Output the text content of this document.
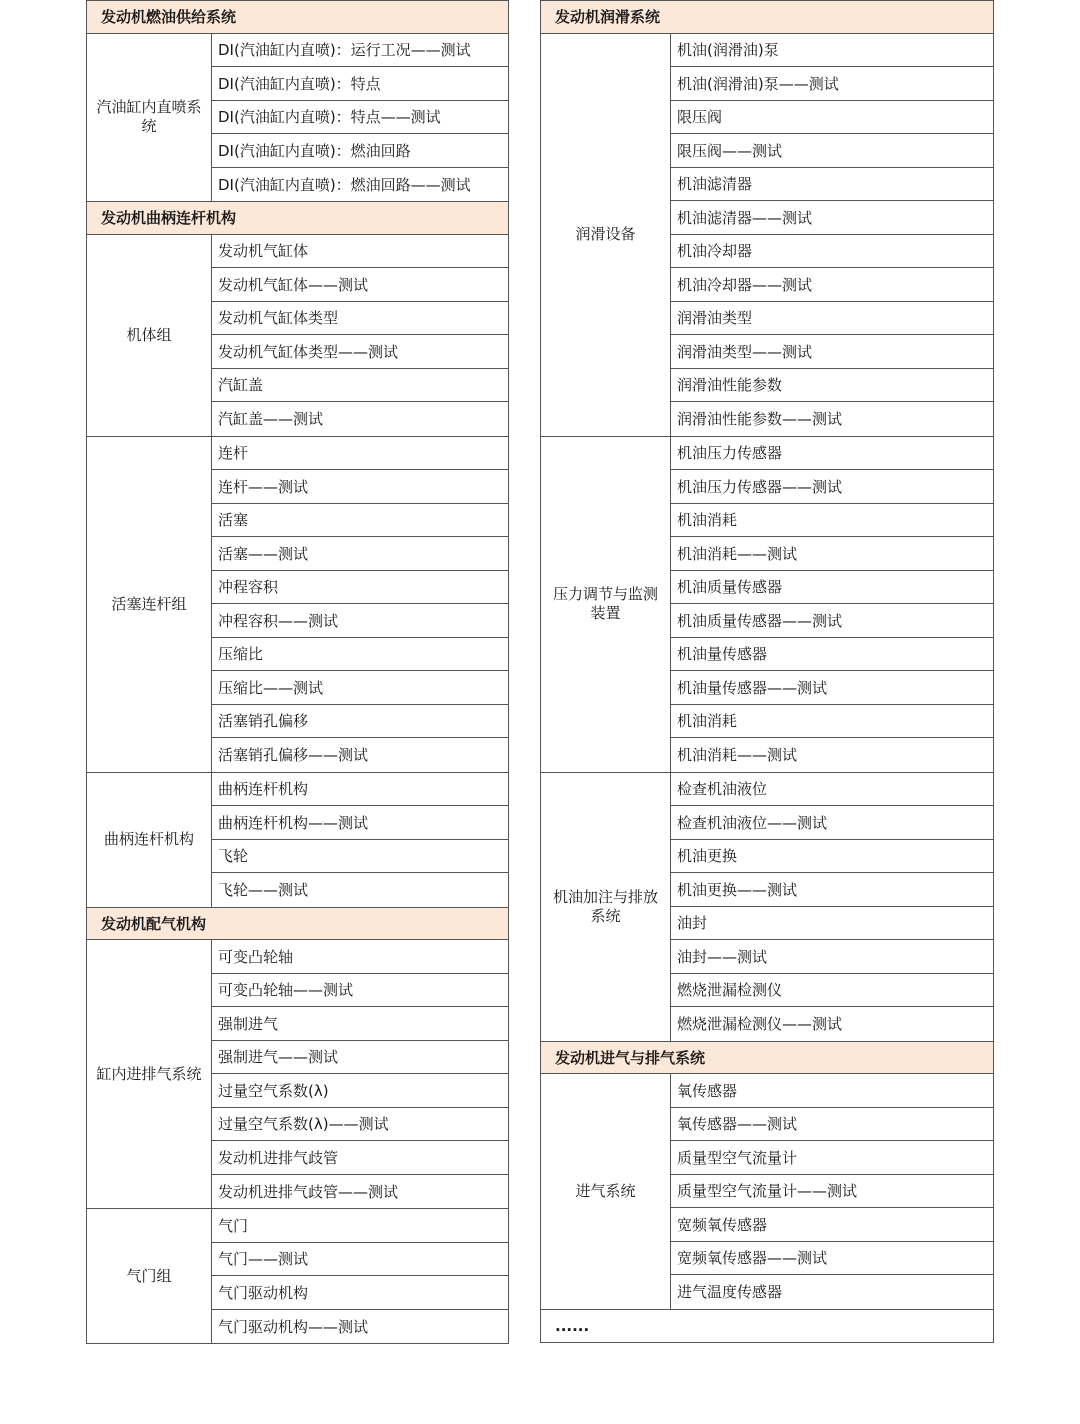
发动机燃油供给系统
汽油缸内直喷系统
DI(汽油缸内直喷)：运行工况——测试
DI(汽油缸内直喷)：特点
DI(汽油缸内直喷)：特点——测试
DI(汽油缸内直喷)：燃油回路
DI(汽油缸内直喷)：燃油回路——测试
发动机曲柄连杆机构
机体组
发动机气缸体
发动机气缸体——测试
发动机气缸体类型
发动机气缸体类型——测试
汽缸盖
汽缸盖——测试
活塞连杆组
连杆
连杆——测试
活塞
活塞——测试
冲程容积
冲程容积——测试
压缩比
压缩比——测试
活塞销孔偏移
活塞销孔偏移——测试
曲柄连杆机构
曲柄连杆机构
曲柄连杆机构——测试
飞轮
飞轮——测试
发动机配气机构
缸内进排气系统
可变凸轮轴
可变凸轮轴——测试
强制进气
强制进气——测试
过量空气系数(λ)
过量空气系数(λ)——测试
发动机进排气歧管
发动机进排气歧管——测试
气门组
气门
气门——测试
气门驱动机构
气门驱动机构——测试
发动机润滑系统
润滑设备
机油(润滑油)泵
机油(润滑油)泵——测试
限压阀
限压阀——测试
机油滤清器
机油滤清器——测试
机油冷却器
机油冷却器——测试
润滑油类型
润滑油类型——测试
润滑油性能参数
润滑油性能参数——测试
压力调节与监测装置
机油压力传感器
机油压力传感器——测试
机油消耗
机油消耗——测试
机油质量传感器
机油质量传感器——测试
机油量传感器
机油量传感器——测试
机油消耗
机油消耗——测试
机油加注与排放系统
检查机油液位
检查机油液位——测试
机油更换
机油更换——测试
油封
油封——测试
燃烧泄漏检测仪
燃烧泄漏检测仪——测试
发动机进气与排气系统
进气系统
氧传感器
氧传感器——测试
质量型空气流量计
质量型空气流量计——测试
宽频氧传感器
宽频氧传感器——测试
进气温度传感器
......
